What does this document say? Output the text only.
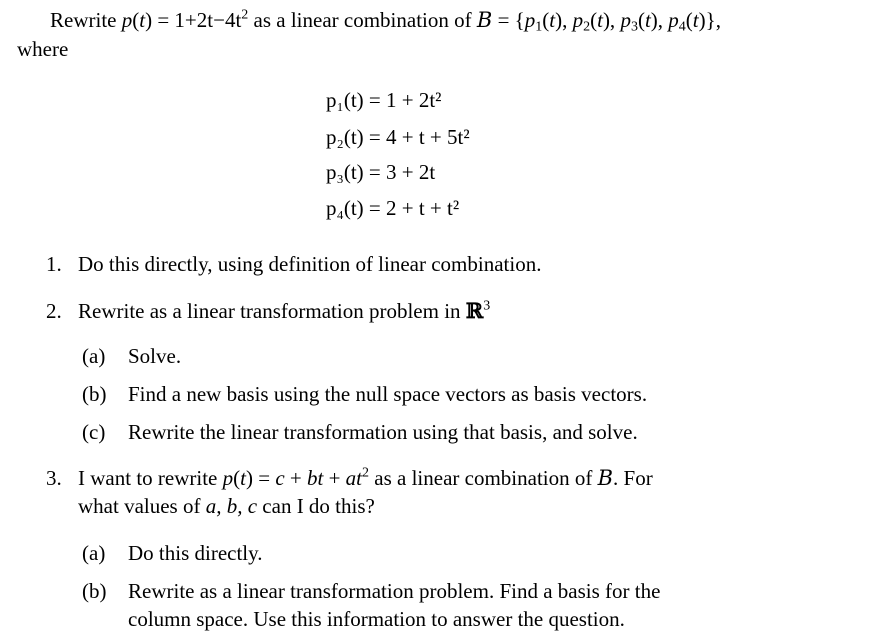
Rewrite $p(t) = 1+2t-4t^2$ as a linear combination of $B = \{p_1(t)$, $p_2(t)$, $p_3(t)$, $p_4(t)$},
where
p₁(t) = 1 + 2t²
p₂(t) = 4 + t + 5t²
p₃(t) = 3 + 2t
p₄(t) = 2 + t + t²
1. Do this directly, using definition of linear combination.
2. Rewrite as a linear transformation problem in ℝ$^3$
(a) Solve.
(b) Find a new basis using the null space vectors as basis vectors.
(c) Rewrite the linear transformation using that basis, and solve.
3. I want to rewrite p(t) = c + bt + $at^2$ as a linear combination of B. For
what values of a, b, c can I do this?
(a) Do this directly.
(b) Rewrite as a linear transformation problem. Find a basis for the
column space. Use this information to answer the question.
